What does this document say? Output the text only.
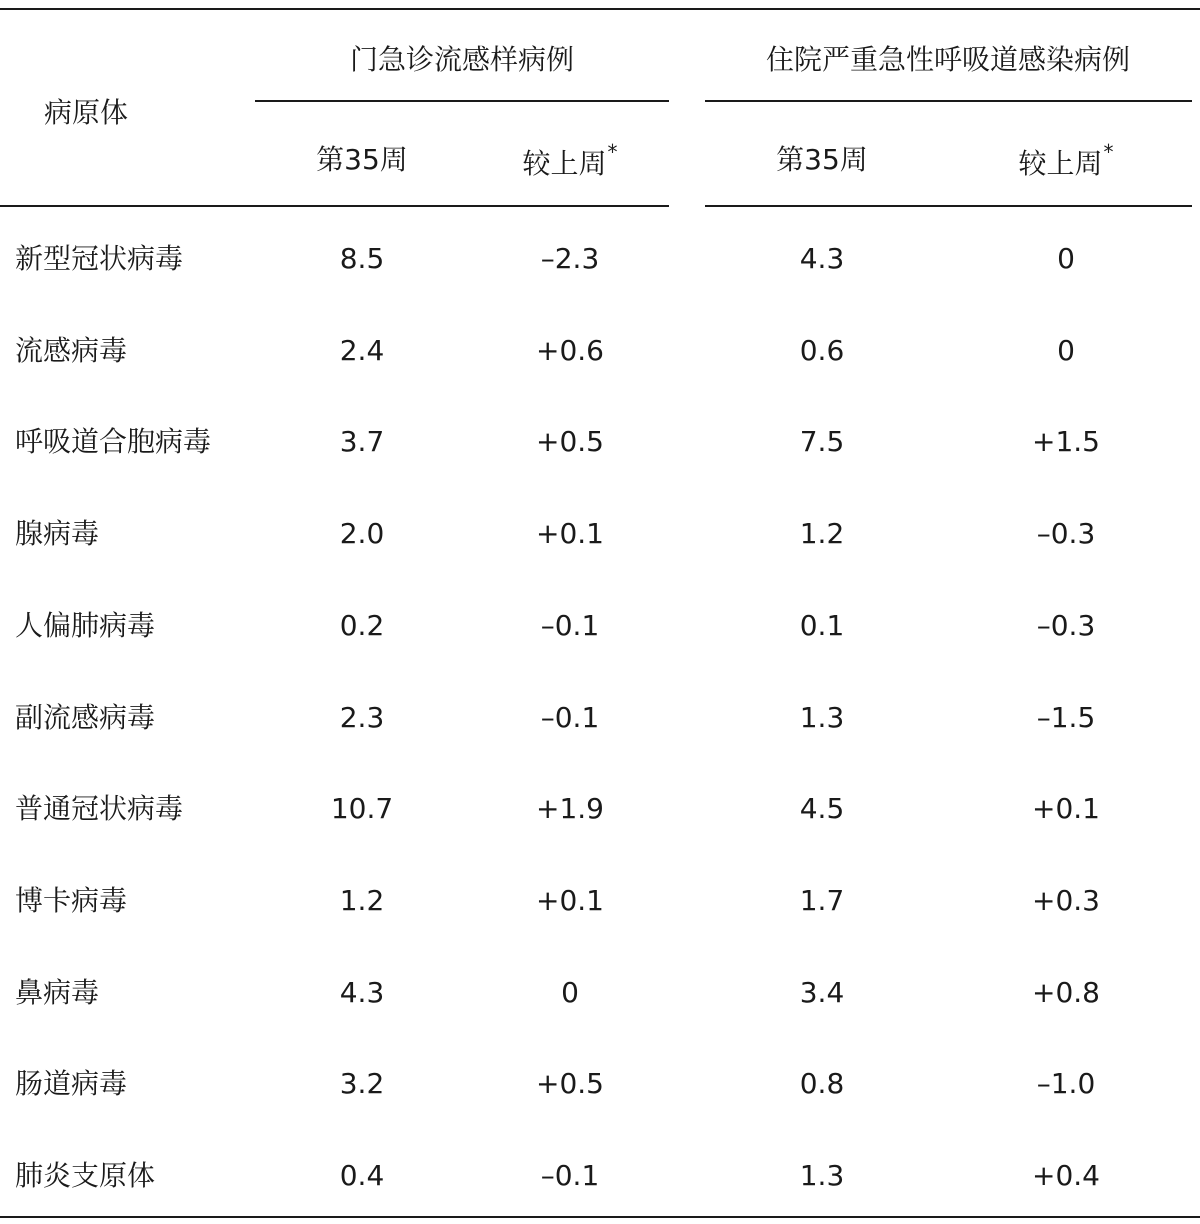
病原体
门急诊流感样病例	住院严重急性呼吸道感染病例
第35周	较上周*	第35周	较上周*
新型冠状病毒	8.5	–2.3	4.3	0
流感病毒	2.4	+0.6	0.6	0
呼吸道合胞病毒	3.7	+0.5	7.5	+1.5
腺病毒	2.0	+0.1	1.2	–0.3
人偏肺病毒	0.2	–0.1	0.1	–0.3
副流感病毒	2.3	–0.1	1.3	–1.5
普通冠状病毒	10.7	+1.9	4.5	+0.1
博卡病毒	1.2	+0.1	1.7	+0.3
鼻病毒	4.3	0	3.4	+0.8
肠道病毒	3.2	+0.5	0.8	–1.0
肺炎支原体	0.4	–0.1	1.3	+0.4
